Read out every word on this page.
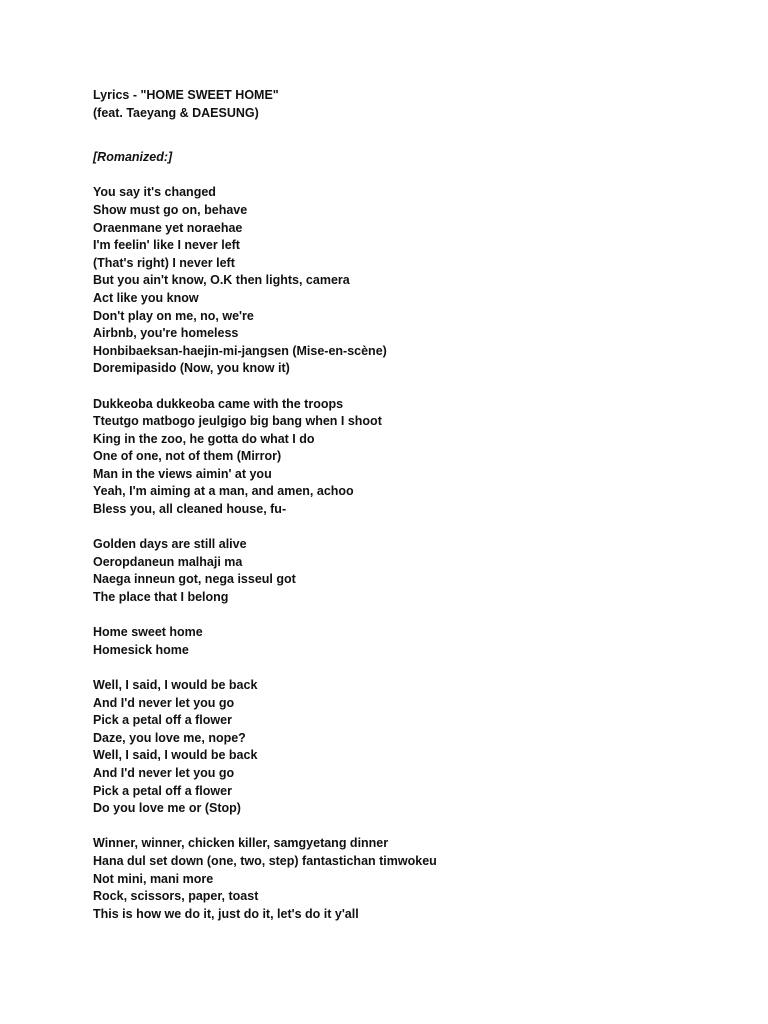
Lyrics - "HOME SWEET HOME"
(feat. Taeyang & DAESUNG)
[Romanized:]
You say it's changed
Show must go on, behave
Oraenmane yet noraehae
I'm feelin' like I never left
(That's right) I never left
But you ain't know, O.K then lights, camera
Act like you know
Don't play on me, no, we're
Airbnb, you're homeless
Honbibaeksan-haejin-mi-jangsen (Mise-en-scène)
Doremipasido (Now, you know it)
Dukkeoba dukkeoba came with the troops
Tteutgo matbogo jeulgigo big bang when I shoot
King in the zoo, he gotta do what I do
One of one, not of them (Mirror)
Man in the views aimin' at you
Yeah, I'm aiming at a man, and amen, achoo
Bless you, all cleaned house, fu-
Golden days are still alive
Oeropdaneun malhaji ma
Naega inneun got, nega isseul got
The place that I belong
Home sweet home
Homesick home
Well, I said, I would be back
And I'd never let you go
Pick a petal off a flower
Daze, you love me, nope?
Well, I said, I would be back
And I'd never let you go
Pick a petal off a flower
Do you love me or (Stop)
Winner, winner, chicken killer, samgyetang dinner
Hana dul set down (one, two, step) fantastichan timwokeu
Not mini, mani more
Rock, scissors, paper, toast
This is how we do it, just do it, let's do it y'all
